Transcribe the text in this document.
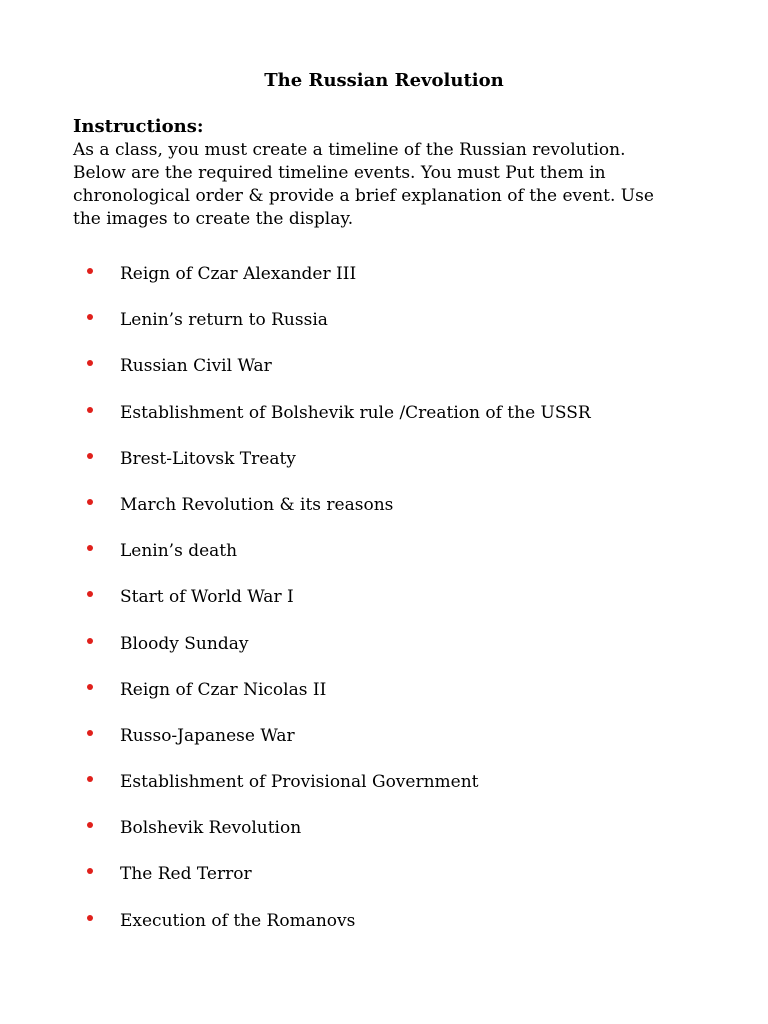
The Russian Revolution
Instructions:
As a class, you must create a timeline of the Russian revolution.
Below are the required timeline events. You must Put them in
chronological order & provide a brief explanation of the event. Use
the images to create the display.
Reign of Czar Alexander III
Lenin’s return to Russia
Russian Civil War
Establishment of Bolshevik rule /Creation of the USSR
Brest-Litovsk Treaty
March Revolution & its reasons
Lenin’s death
Start of World War I
Bloody Sunday
Reign of Czar Nicolas II
Russo-Japanese War
Establishment of Provisional Government
Bolshevik Revolution
The Red Terror
Execution of the Romanovs
